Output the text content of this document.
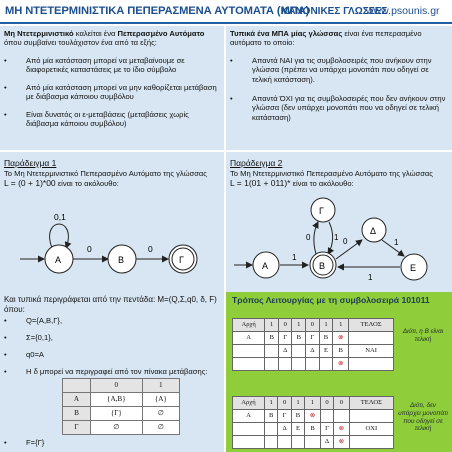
ΜΗ ΝΤΕΤΕΡΜΙΝΙΣΤΙΚΑ ΠΕΠΕΡΑΣΜΕΝΑ ΑΥΤΟΜΑΤΑ (ΜΠΑ)
ΚΑΝΟΝΙΚΕΣ ΓΛΩΣΣΕΣ
www.psounis.gr
Μη Ντετερμινιστικό καλείται ένα Πεπερασμένο Αυτόματο όπου συμβαίνει τουλάχιστον ένα από τα εξής:
•	Από μία κατάσταση μπορεί να μεταβαίνουμε σε διαφορετικές καταστάσεις με το ίδιο σύμβολο
•	Από μία κατάσταση μπορεί να μην καθορίζεται μετάβαση με διάβασμα κάποιου συμβόλου
•	Είναι δυνατός οι ε-μεταβάσεις (μεταβάσεις χωρίς διάβασμα κάποιου συμβόλου)
Τυπικά ένα ΜΠΑ μίας γλώσσας είναι ένα πεπερασμένο αυτόματο το οποίο:
•	Απαντά ΝΑΙ για τις συμβολοσειρές που ανήκουν στην γλώσσα (πρέπει να υπάρχει μονοπάτι που οδηγεί σε τελική κατάσταση).
•	Απαντά ΌΧΙ για τις συμβολοσειρές που δεν ανήκουν στην γλώσσα (δεν υπάρχει μονοπάτι που να οδηγεί σε τελική κατάσταση)
Παράδειγμα 1
Το Μη Ντετερμινιστικό Πεπερασμένο Αυτόματο της γλώσσας
L = (0 + 1)*00 είναι το ακόλουθο:
Α	Β	Γ
0,1
0	0
Και τυπικά περιγράφεται από την πεντάδα: M=(Q,Σ,q0, δ, F) όπου:
•	Q={A,B,Γ},
•	Σ={0,1},
•	q0=A
•	Η δ μπορεί να περιγραφεί από τον πίνακα μετάβασης:
	0	1
Α	{Α,Β}	{Α}
Β	{Γ}	∅
Γ	∅	∅
•	F={Γ}
Παράδειγμα 2
Το Μη Ντετερμινιστικό Πεπερασμένο Αυτόματο της γλώσσας
L = 1(01 + 011)* είναι το ακόλουθο:
Α	Β
Γ
Δ
Ε
1
0	1 0	1
1
Τρόπος Λειτουργίας με τη συμβολοσειρά 101011
Αρχή	1	0	1	0	1	1	ΤΕΛΟΣ
Α	Β	Γ	Β	Γ	Β	⊗	
		Δ		Δ	Ε	Β	ΝΑΙ
						⊗	
Διότι, η Β είναι τελική
Αρχή	1	0	1	1	0	0	ΤΕΛΟΣ
Α	Β	Γ	Β	⊗			
		Δ	Ε	Β	Γ	⊗	ΟΧΙ
					Δ	⊗	
Διότι, δεν υπάρχει μονοπάτι που οδηγεί σε τελική
